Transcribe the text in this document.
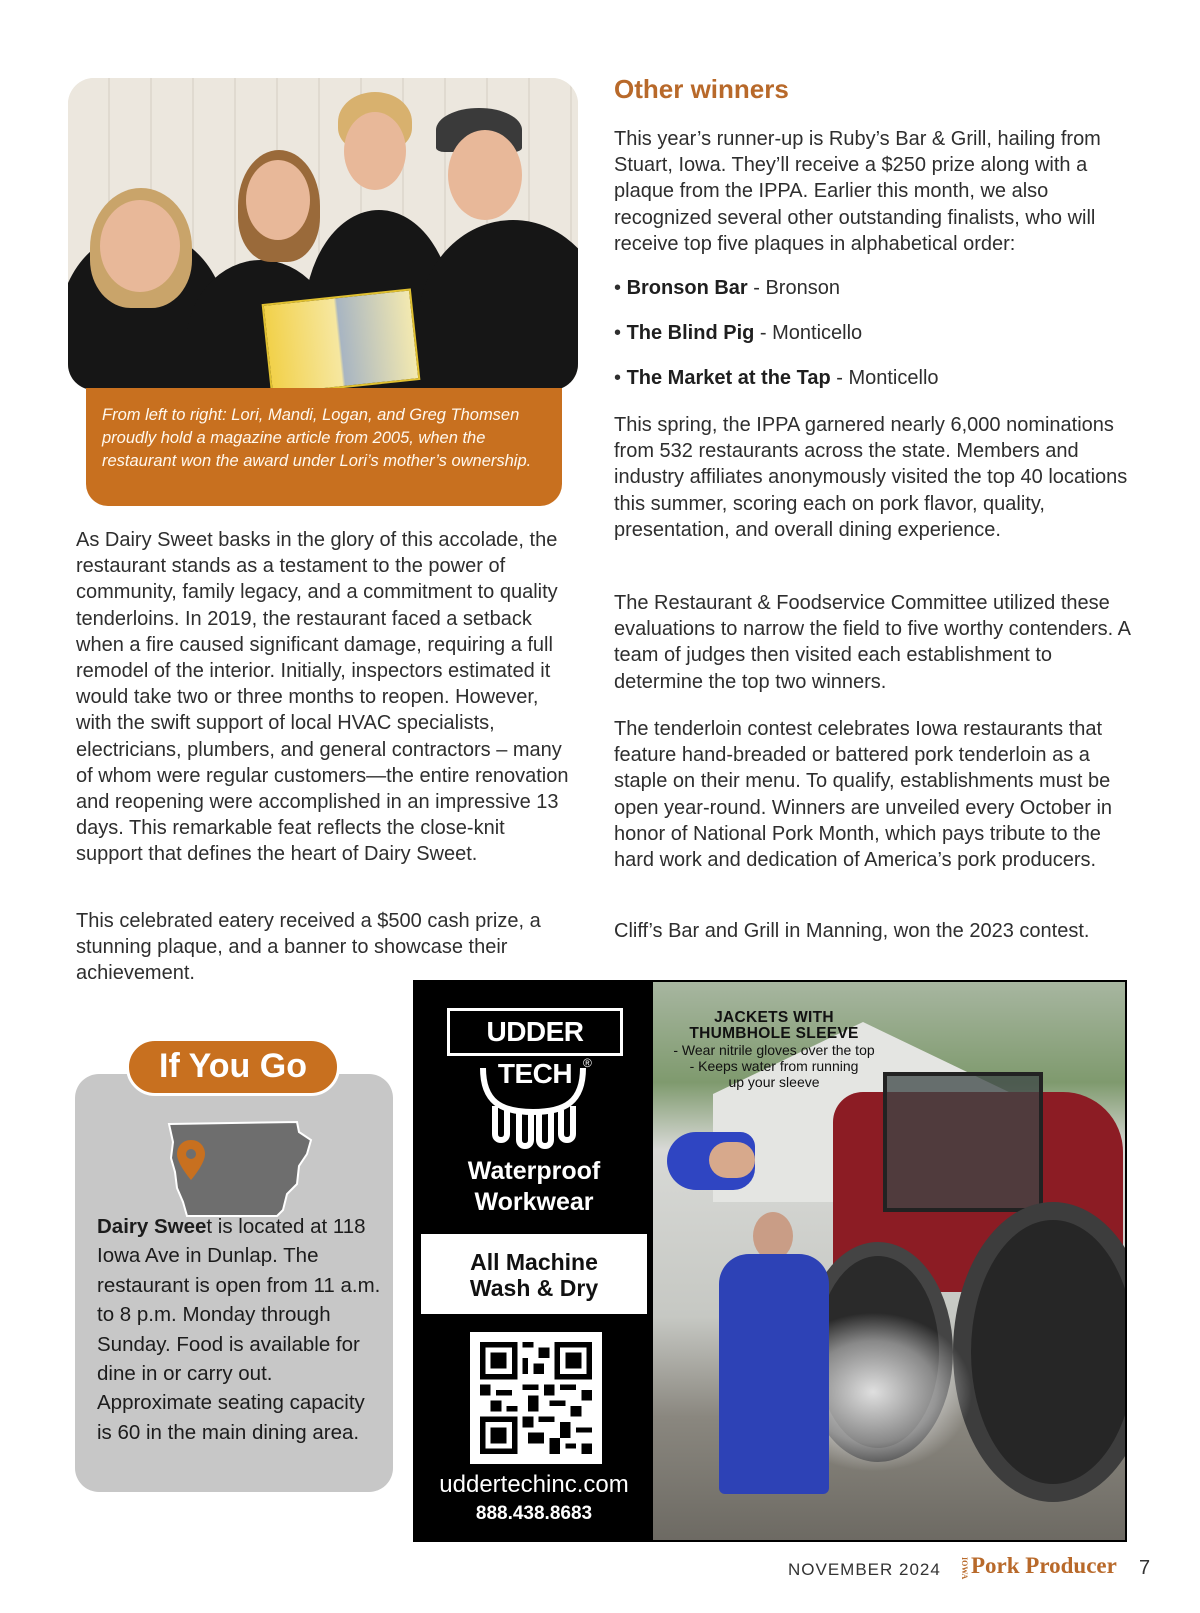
From left to right: Lori, Mandi, Logan, and Greg Thomsen proudly hold a magazine article from 2005, when the restaurant won the award under Lori’s mother’s ownership.

As Dairy Sweet basks in the glory of this accolade, the restaurant stands as a testament to the power of community, family legacy, and a commitment to quality tenderloins. In 2019, the restaurant faced a setback when a fire caused significant damage, requiring a full remodel of the interior. Initially, inspectors estimated it would take two or three months to reopen. However, with the swift support of local HVAC specialists, electricians, plumbers, and general contractors – many of whom were regular customers—the entire renovation and reopening were accomplished in an impressive 13 days. This remarkable feat reflects the close-knit support that defines the heart of Dairy Sweet.

This celebrated eatery received a $500 cash prize, a stunning plaque, and a banner to showcase their achievement.

Other winners

This year’s runner-up is Ruby’s Bar & Grill, hailing from Stuart, Iowa. They’ll receive a $250 prize along with a plaque from the IPPA. Earlier this month, we also recognized several other outstanding finalists, who will receive top five plaques in alphabetical order:

• Bronson Bar - Bronson
• The Blind Pig - Monticello
• The Market at the Tap - Monticello

This spring, the IPPA garnered nearly 6,000 nominations from 532 restaurants across the state. Members and industry affiliates anonymously visited the top 40 locations this summer, scoring each on pork flavor, quality, presentation, and overall dining experience.

The Restaurant & Foodservice Committee utilized these evaluations to narrow the field to five worthy contenders. A team of judges then visited each establishment to determine the top two winners.

The tenderloin contest celebrates Iowa restaurants that feature hand-breaded or battered pork tenderloin as a staple on their menu. To qualify, establishments must be open year-round. Winners are unveiled every October in honor of National Pork Month, which pays tribute to the hard work and dedication of America’s pork producers.

Cliff’s Bar and Grill in Manning, won the 2023 contest.

If You Go

Dairy Sweet is located at 118 Iowa Ave in Dunlap. The restaurant is open from 11 a.m. to 8 p.m. Monday through Sunday. Food is available for dine in or carry out. Approximate seating capacity is 60 in the main dining area.

UDDER TECH ®
Waterproof
Workwear
All Machine
Wash & Dry
uddertechinc.com
888.438.8683
JACKETS WITH
THUMBHOLE SLEEVE
- Wear nitrile gloves over the top
- Keeps water from running
up your sleeve
NOVEMBER 2024 IOWAPork Producer 7
